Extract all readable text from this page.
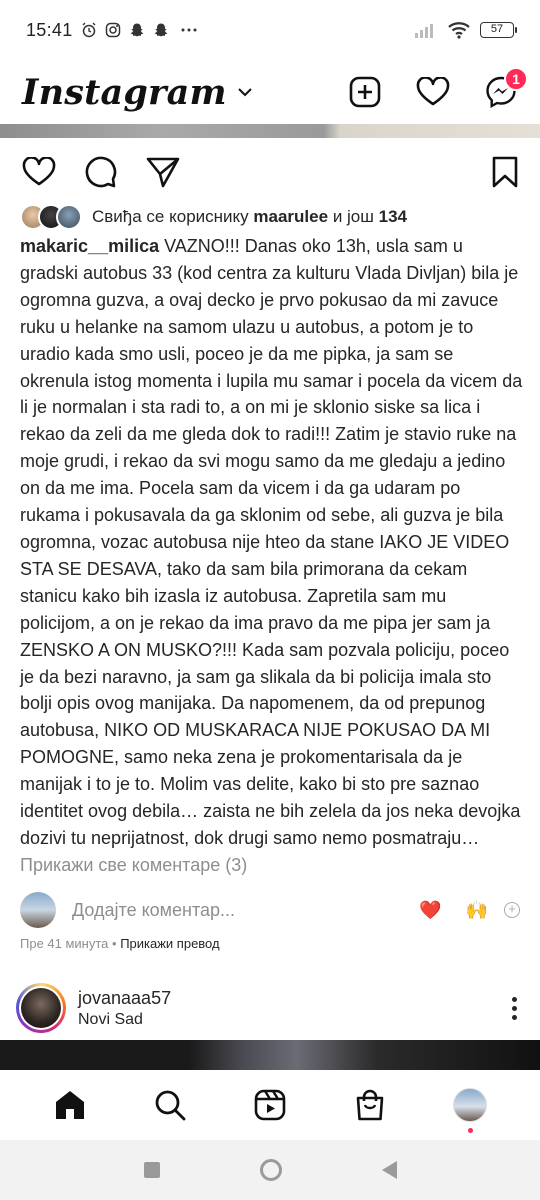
15:41	57
Instagram	1
Свиђа се кориснику
maarulee
и још
134
makaric__milica VAZNO!!! Danas oko 13h, usla sam u gradski autobus 33 (kod centra za kulturu Vlada Divljan) bila je ogromna guzva, a ovaj decko je prvo pokusao da mi zavuce ruku u helanke na samom ulazu u autobus, a potom je to uradio kada smo usli, poceo je da me pipka, ja sam se okrenula istog momenta i lupila mu samar i pocela da vicem da li je normalan i sta radi to, a on mi je sklonio siske sa lica i rekao da zeli da me gleda dok to radi!!! Zatim je stavio ruke na moje grudi, i rekao da svi mogu samo da me gledaju a jedino on da me ima. Pocela sam da vicem i da ga udaram po rukama i pokusavala da ga sklonim od sebe, ali guzva je bila ogromna, vozac autobusa nije hteo da stane IAKO JE VIDEO STA SE DESAVA, tako da sam bila primorana da cekam stanicu kako bih izasla iz autobusa. Zapretila sam mu policijom, a on je rekao da ima pravo da me pipa jer sam ja ZENSKO A ON MUSKO?!!! Kada sam pozvala policiju, poceo je da bezi naravno, ja sam ga slikala da bi policija imala sto bolji opis ovog manijaka. Da napomenem, da od prepunog autobusa, NIKO OD MUSKARACA NIJE POKUSAO DA MI POMOGNE, samo neka zena je prokomentarisala da je manijak i to je to. Molim vas delite, kako bi sto pre saznao identitet ovog debila… zaista ne bih zelela da jos neka devojka dozivi tu neprijatnost, dok drugi samo nemo posmatraju…
Прикажи све коментаре (3)
Додајте коментар...	❤️ 🙌	+
Пре 41 минута • Прикажи превод
jovanaaa57
Novi Sad
